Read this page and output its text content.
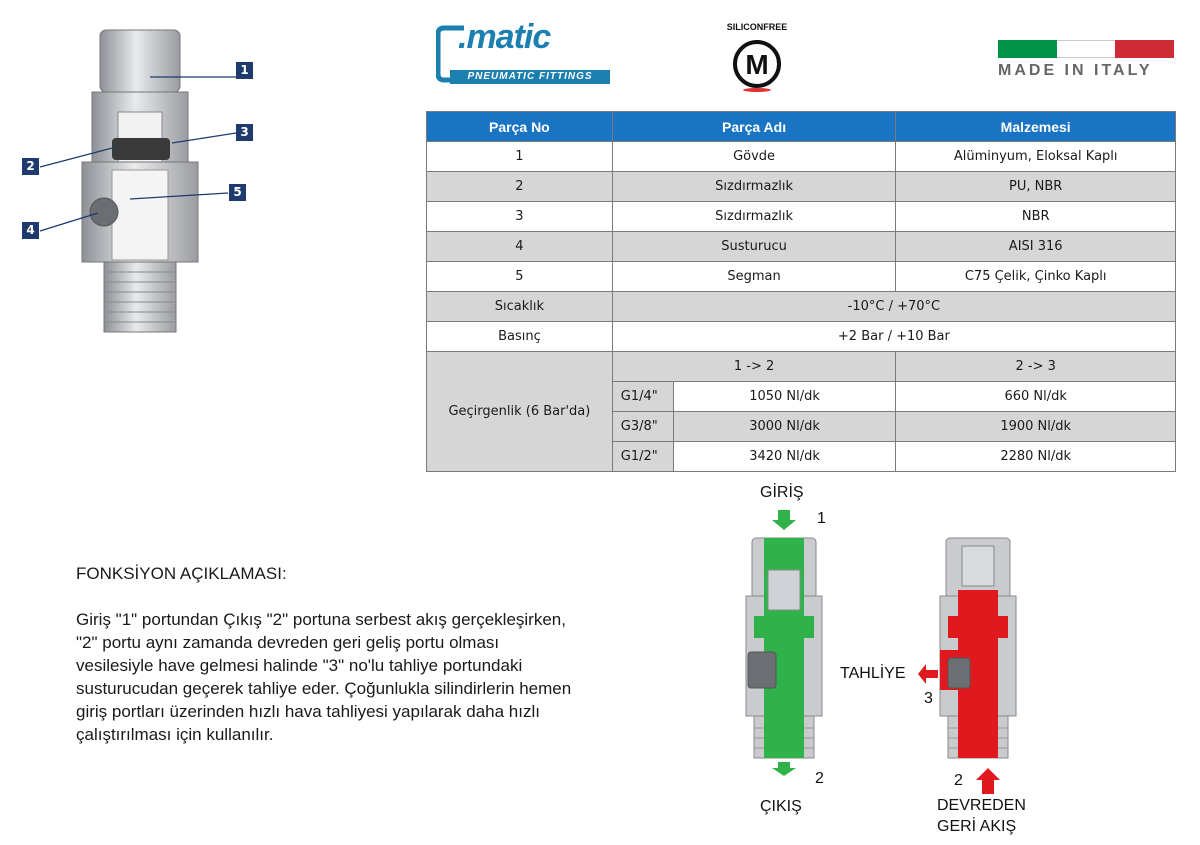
.matic
PNEUMATIC FITTINGS
SILICONFREE
M	MADE IN ITALY
1
2
3
4
5
Parça No	Parça Adı		Malzemesi
1	Gövde		Alüminyum, Eloksal Kaplı
2	Sızdırmazlık		PU, NBR
3	Sızdırmazlık		NBR
4	Susturucu		AISI 316
5	Segman		C75 Çelik, Çinko Kaplı
Sıcaklık	-10°C / +70°C		
Basınç	+2 Bar / +10 Bar		
Geçirgenlik (6 Bar'da)	1 -> 2		2 -> 3
	G1/4"	1050 Nl/dk	660 Nl/dk
	G3/8"	3000 Nl/dk	1900 Nl/dk
	G1/2"	3420 Nl/dk	2280 Nl/dk
FONKSİYON AÇIKLAMASI:
Giriş "1" portundan Çıkış "2" portuna serbest akış gerçekleşirken,
"2" portu aynı zamanda devreden geri geliş portu olması
vesilesiyle have gelmesi halinde "3" no'lu tahliye portundaki
susturucudan geçerek tahliye eder. Çoğunlukla silindirlerin hemen
giriş portları üzerinden hızlı hava tahliyesi yapılarak daha hızlı
çalıştırılması için kullanılır.
GİRİŞ
1
2
ÇIKIŞ
TAHLİYE
3
2
DEVREDEN
GERİ AKIŞ
